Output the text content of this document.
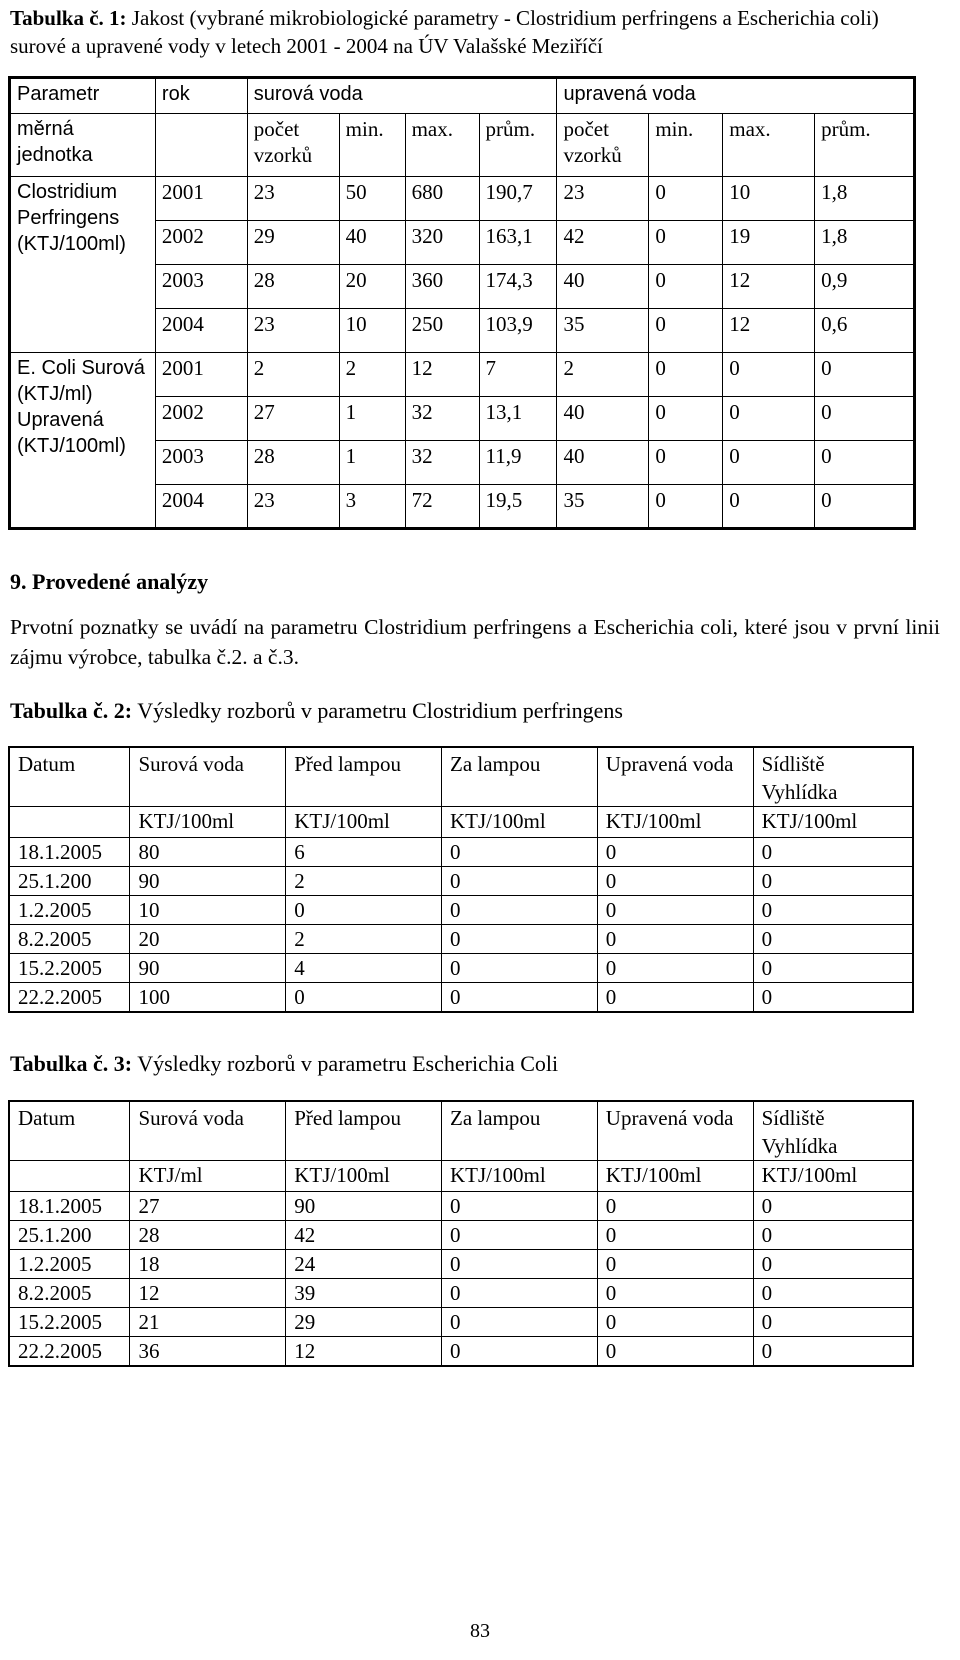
Tabulka č. 1: Jakost (vybrané mikrobiologické parametry - Clostridium perfringens a Escherichia coli) surové a upravené vody v letech 2001 - 2004 na ÚV Valašské Meziříčí
Parametr	rok	surová voda				upravená voda			
měrná jednotka		počet vzorků	min.	max.	prům.	počet vzorků	min.	max.	prům.
Clostridium Perfringens (KTJ/100ml)	2001	23	50	680	190,7	23	0	10	1,8
	2002	29	40	320	163,1	42	0	19	1,8
	2003	28	20	360	174,3	40	0	12	0,9
	2004	23	10	250	103,9	35	0	12	0,6
E. Coli Surová (KTJ/ml) Upravená (KTJ/100ml)	2001	2	2	12	7	2	0	0	0
	2002	27	1	32	13,1	40	0	0	0
	2003	28	1	32	11,9	40	0	0	0
	2004	23	3	72	19,5	35	0	0	0
9. Provedené analýzy
Prvotní poznatky se uvádí na parametru Clostridium perfringens a Escherichia coli, které jsou v první linii zájmu výrobce, tabulka č.2. a č.3.
Tabulka č. 2: Výsledky rozborů v parametru Clostridium perfringens
Datum	Surová voda	Před lampou	Za lampou	Upravená voda	Sídliště Vyhlídka
	KTJ/100ml	KTJ/100ml	KTJ/100ml	KTJ/100ml	KTJ/100ml
18.1.2005	80	6	0	0	0
25.1.200	90	2	0	0	0
1.2.2005	10	0	0	0	0
8.2.2005	20	2	0	0	0
15.2.2005	90	4	0	0	0
22.2.2005	100	0	0	0	0
Tabulka č. 3: Výsledky rozborů v parametru Escherichia Coli
Datum	Surová voda	Před lampou	Za lampou	Upravená voda	Sídliště Vyhlídka
	KTJ/ml	KTJ/100ml	KTJ/100ml	KTJ/100ml	KTJ/100ml
18.1.2005	27	90	0	0	0
25.1.200	28	42	0	0	0
1.2.2005	18	24	0	0	0
8.2.2005	12	39	0	0	0
15.2.2005	21	29	0	0	0
22.2.2005	36	12	0	0	0
83
